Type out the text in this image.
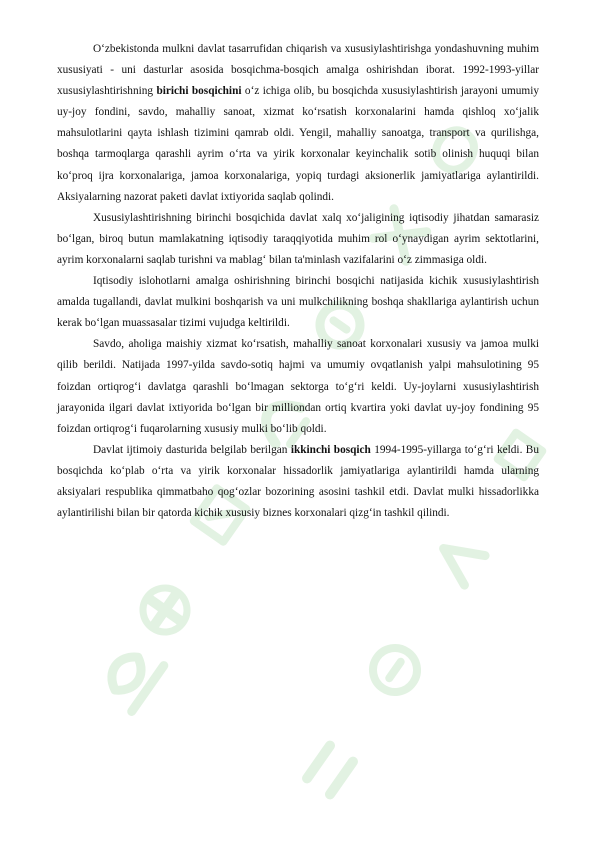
O‘zbekistonda mulkni davlat tasarrufidan chiqarish va xususiylashtirishga yondashuvning muhim xususiyati - uni dasturlar asosida bosqichma-bosqich amalga oshirishdan iborat. 1992-1993-yillar xususiylashtirishning birichi bosqichini o‘z ichiga olib, bu bosqichda xususiylashtirish jarayoni umumiy uy-joy fondini, savdo, mahalliy sanoat, xizmat ko‘rsatish korxonalarini hamda qishloq xo‘jalik mahsulotlarini qayta ishlash tizimini qamrab oldi. Yengil, mahalliy sanoatga, transport va qurilishga, boshqa tarmoqlarga qarashli ayrim o‘rta va yirik korxonalar keyinchalik sotib olinish huquqi bilan ko‘proq ijra korxonalariga, jamoa korxonalariga, yopiq turdagi aksionerlik jamiyatlariga aylantirildi. Aksiyalarning nazorat paketi davlat ixtiyorida saqlab qolindi.

Xususiylashtirishning birinchi bosqichida davlat xalq xo‘jaligining iqtisodiy jihatdan samarasiz bo‘lgan, biroq butun mamlakatning iqtisodiy taraqqiyotida muhim rol o‘ynaydigan ayrim sektotlarini, ayrim korxonalarni saqlab turishni va mablag‘ bilan ta'minlash vazifalarini o‘z zimmasiga oldi.

Iqtisodiy islohotlarni amalga oshirishning birinchi bosqichi natijasida kichik xususiylashtirish amalda tugallandi, davlat mulkini boshqarish va uni mulkchilikning boshqa shakllariga aylantirish uchun kerak bo‘lgan muassasalar tizimi vujudga keltirildi.

Savdo, aholiga maishiy xizmat ko‘rsatish, mahalliy sanoat korxonalari xususiy va jamoa mulki qilib berildi. Natijada 1997-yilda savdo-sotiq hajmi va umumiy ovqatlanish yalpi mahsulotining 95 foizdan ortiqrog‘i davlatga qarashli bo‘lmagan sektorga to‘g‘ri keldi. Uy-joylarni xususiylashtirish jarayonida ilgari davlat ixtiyorida bo‘lgan bir milliondan ortiq kvartira yoki davlat uy-joy fondining 95 foizdan ortiqrog‘i fuqarolarning xususiy mulki bo‘lib qoldi.

Davlat ijtimoiy dasturida belgilab berilgan ikkinchi bosqich 1994-1995-yillarga to‘g‘ri keldi. Bu bosqichda ko‘plab o‘rta va yirik korxonalar hissadorlik jamiyatlariga aylantirildi hamda ularning aksiyalari respublika qimmatbaho qog‘ozlar bozorining asosini tashkil etdi. Davlat mulki hissadorlikka aylantirilishi bilan bir qatorda kichik xususiy biznes korxonalari qizg‘in tashkil qilindi.
